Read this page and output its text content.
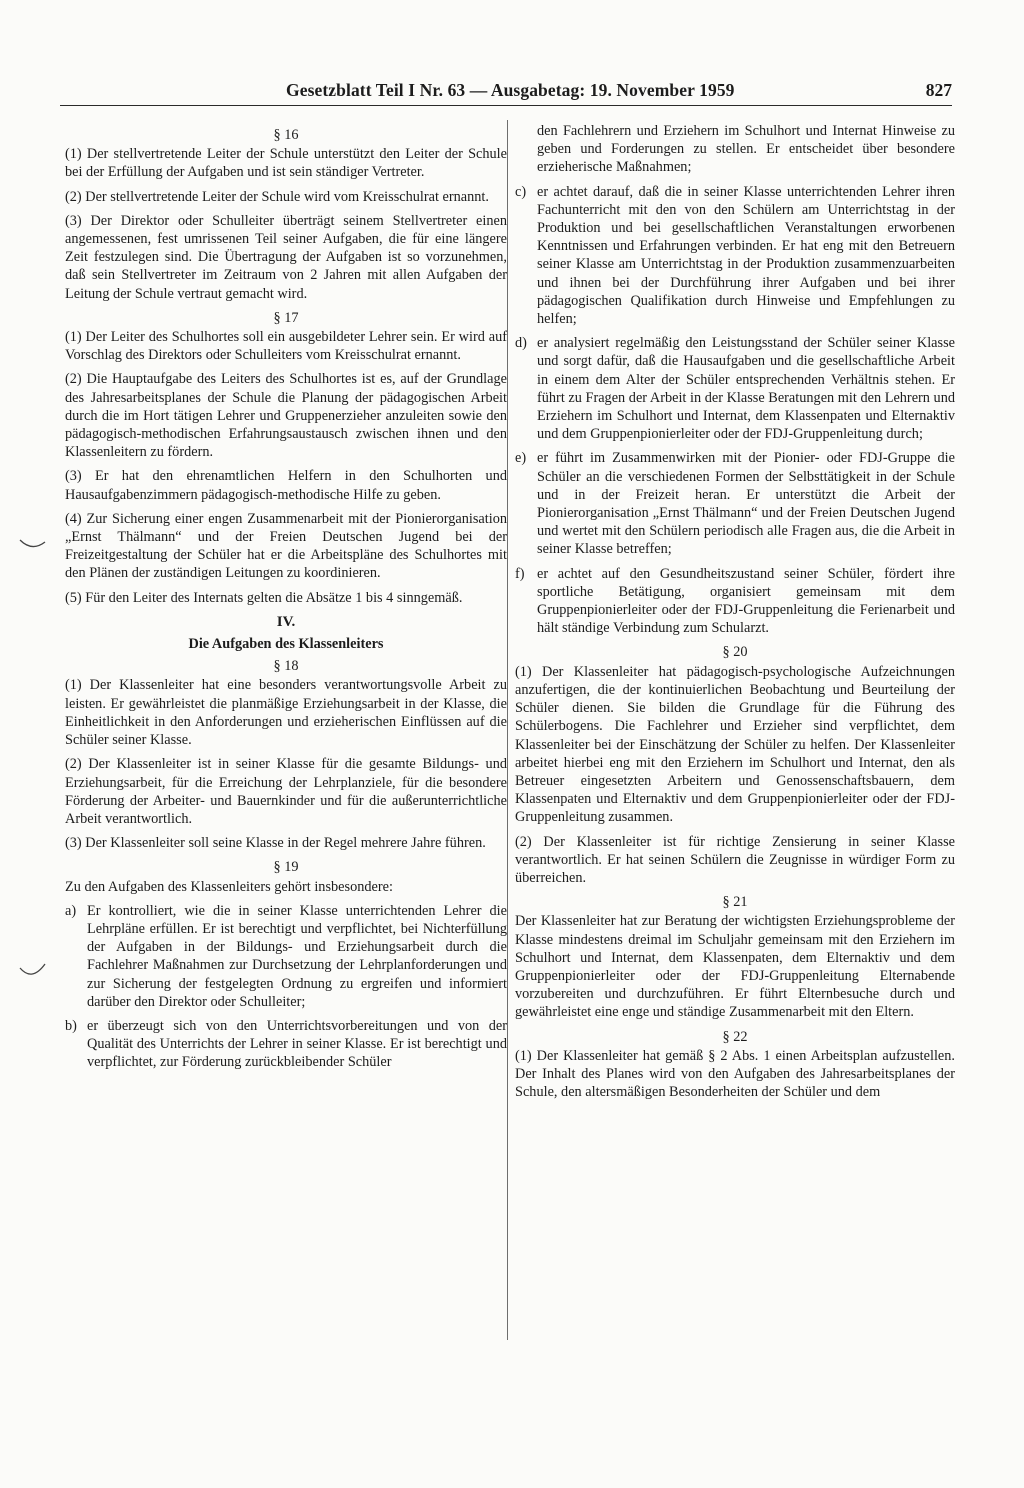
Gesetzblatt Teil I Nr. 63 — Ausgabetag: 19. November 1959	827

§ 16

(1) Der stellvertretende Leiter der Schule unterstützt den Leiter der Schule bei der Erfüllung der Aufgaben und ist sein ständiger Vertreter.

(2) Der stellvertretende Leiter der Schule wird vom Kreisschulrat ernannt.

(3) Der Direktor oder Schulleiter überträgt seinem Stellvertreter einen angemessenen, fest umrissenen Teil seiner Aufgaben, die für eine längere Zeit festzulegen sind. Die Übertragung der Aufgaben ist so vorzunehmen, daß sein Stellvertreter im Zeitraum von 2 Jahren mit allen Aufgaben der Leitung der Schule vertraut gemacht wird.

§ 17

(1) Der Leiter des Schulhortes soll ein ausgebildeter Lehrer sein. Er wird auf Vorschlag des Direktors oder Schulleiters vom Kreisschulrat ernannt.

(2) Die Hauptaufgabe des Leiters des Schulhortes ist es, auf der Grundlage des Jahresarbeitsplanes der Schule die Planung der pädagogischen Arbeit durch die im Hort tätigen Lehrer und Gruppenerzieher anzuleiten sowie den pädagogisch-methodischen Erfahrungsaustausch zwischen ihnen und den Klassenleitern zu fördern.

(3) Er hat den ehrenamtlichen Helfern in den Schulhorten und Hausaufgabenzimmern pädagogisch-methodische Hilfe zu geben.

(4) Zur Sicherung einer engen Zusammenarbeit mit der Pionierorganisation „Ernst Thälmann“ und der Freien Deutschen Jugend bei der Freizeitgestaltung der Schüler hat er die Arbeitspläne des Schulhortes mit den Plänen der zuständigen Leitungen zu koordinieren.

(5) Für den Leiter des Internats gelten die Absätze 1 bis 4 sinngemäß.

IV.

Die Aufgaben des Klassenleiters

§ 18

(1) Der Klassenleiter hat eine besonders verantwortungsvolle Arbeit zu leisten. Er gewährleistet die planmäßige Erziehungsarbeit in der Klasse, die Einheitlichkeit in den Anforderungen und erzieherischen Einflüssen auf die Schüler seiner Klasse.

(2) Der Klassenleiter ist in seiner Klasse für die gesamte Bildungs- und Erziehungsarbeit, für die Erreichung der Lehrplanziele, für die besondere Förderung der Arbeiter- und Bauernkinder und für die außerunterrichtliche Arbeit verantwortlich.

(3) Der Klassenleiter soll seine Klasse in der Regel mehrere Jahre führen.

§ 19

Zu den Aufgaben des Klassenleiters gehört insbesondere:

a) Er kontrolliert, wie die in seiner Klasse unterrichtenden Lehrer die Lehrpläne erfüllen. Er ist berechtigt und verpflichtet, bei Nichterfüllung der Aufgaben in der Bildungs- und Erziehungsarbeit durch die Fachlehrer Maßnahmen zur Durchsetzung der Lehrplanforderungen und zur Sicherung der festgelegten Ordnung zu ergreifen und informiert darüber den Direktor oder Schulleiter;
b) er überzeugt sich von den Unterrichtsvorbereitungen und von der Qualität des Unterrichts der Lehrer in seiner Klasse. Er ist berechtigt und verpflichtet, zur Förderung zurückbleibender Schüler
den Fachlehrern und Erziehern im Schulhort und Internat Hinweise zu geben und Forderungen zu stellen. Er entscheidet über besondere erzieherische Maßnahmen;
c) er achtet darauf, daß die in seiner Klasse unterrichtenden Lehrer ihren Fachunterricht mit den von den Schülern am Unterrichtstag in der Produktion und bei gesellschaftlichen Veranstaltungen erworbenen Kenntnissen und Erfahrungen verbinden. Er hat eng mit den Betreuern seiner Klasse am Unterrichtstag in der Produktion zusammenzuarbeiten und ihnen bei der Durchführung ihrer Aufgaben und bei ihrer pädagogischen Qualifikation durch Hinweise und Empfehlungen zu helfen;
d) er analysiert regelmäßig den Leistungsstand der Schüler seiner Klasse und sorgt dafür, daß die Hausaufgaben und die gesellschaftliche Arbeit in einem dem Alter der Schüler entsprechenden Verhältnis stehen. Er führt zu Fragen der Arbeit in der Klasse Beratungen mit den Lehrern und Erziehern im Schulhort und Internat, dem Klassenpaten und Elternaktiv und dem Gruppenpionierleiter oder der FDJ-Gruppenleitung durch;
e) er führt im Zusammenwirken mit der Pionier- oder FDJ-Gruppe die Schüler an die verschiedenen Formen der Selbsttätigkeit in der Schule und in der Freizeit heran. Er unterstützt die Arbeit der Pionierorganisation „Ernst Thälmann“ und der Freien Deutschen Jugend und wertet mit den Schülern periodisch alle Fragen aus, die die Arbeit in seiner Klasse betreffen;
f) er achtet auf den Gesundheitszustand seiner Schüler, fördert ihre sportliche Betätigung, organisiert gemeinsam mit dem Gruppenpionierleiter oder der FDJ-Gruppenleitung die Ferienarbeit und hält ständige Verbindung zum Schularzt.

§ 20

(1) Der Klassenleiter hat pädagogisch-psychologische Aufzeichnungen anzufertigen, die der kontinuierlichen Beobachtung und Beurteilung der Schüler dienen. Sie bilden die Grundlage für die Führung des Schülerbogens. Die Fachlehrer und Erzieher sind verpflichtet, dem Klassenleiter bei der Einschätzung der Schüler zu helfen. Der Klassenleiter arbeitet hierbei eng mit den Erziehern im Schulhort und Internat, den als Betreuer eingesetzten Arbeitern und Genossenschaftsbauern, dem Klassenpaten und Elternaktiv und dem Gruppenpionierleiter oder der FDJ-Gruppenleitung zusammen.

(2) Der Klassenleiter ist für richtige Zensierung in seiner Klasse verantwortlich. Er hat seinen Schülern die Zeugnisse in würdiger Form zu überreichen.

§ 21

Der Klassenleiter hat zur Beratung der wichtigsten Erziehungsprobleme der Klasse mindestens dreimal im Schuljahr gemeinsam mit den Erziehern im Schulhort und Internat, dem Klassenpaten, dem Elternaktiv und dem Gruppenpionierleiter oder der FDJ-Gruppenleitung Elternabende vorzubereiten und durchzuführen. Er führt Elternbesuche durch und gewährleistet eine enge und ständige Zusammenarbeit mit den Eltern.

§ 22

(1) Der Klassenleiter hat gemäß § 2 Abs. 1 einen Arbeitsplan aufzustellen. Der Inhalt des Planes wird von den Aufgaben des Jahresarbeitsplanes der Schule, den altersmäßigen Besonderheiten der Schüler und dem
